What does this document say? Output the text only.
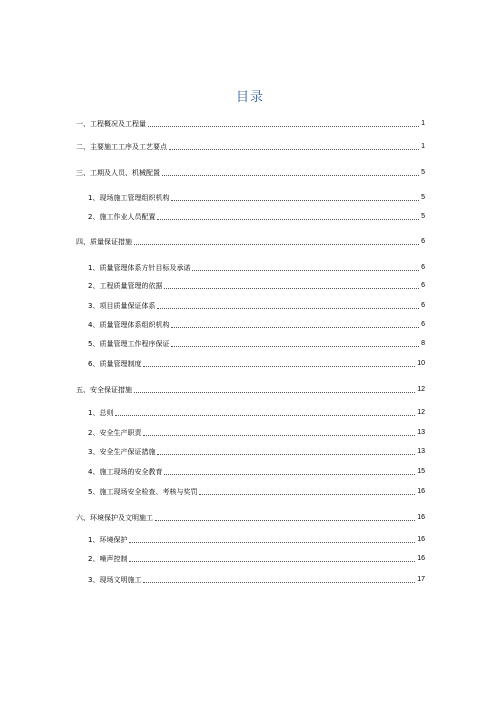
目录
一、工程概况及工程量	1
二、主要施工工序及工艺要点	1
三、工期及人员、机械配置	5
1、现场施工管理组织机构	5
2、施工作业人员配置	5
四、质量保证措施	6
1、质量管理体系方针目标及承诺	6
2、工程质量管理的依据	6
3、项目质量保证体系	6
4、质量管理体系组织机构	6
5、质量管理工作程序保证	8
6、质量管理制度	10
五、安全保证措施	12
1、总则	12
2、安全生产职责	13
3、安全生产保证措施	13
4、施工现场的安全教育	15
5、施工现场安全检查、考核与奖罚	16
六、环境保护及文明施工	16
1、环境保护	16
2、噪声控制	16
3、现场文明施工	17
